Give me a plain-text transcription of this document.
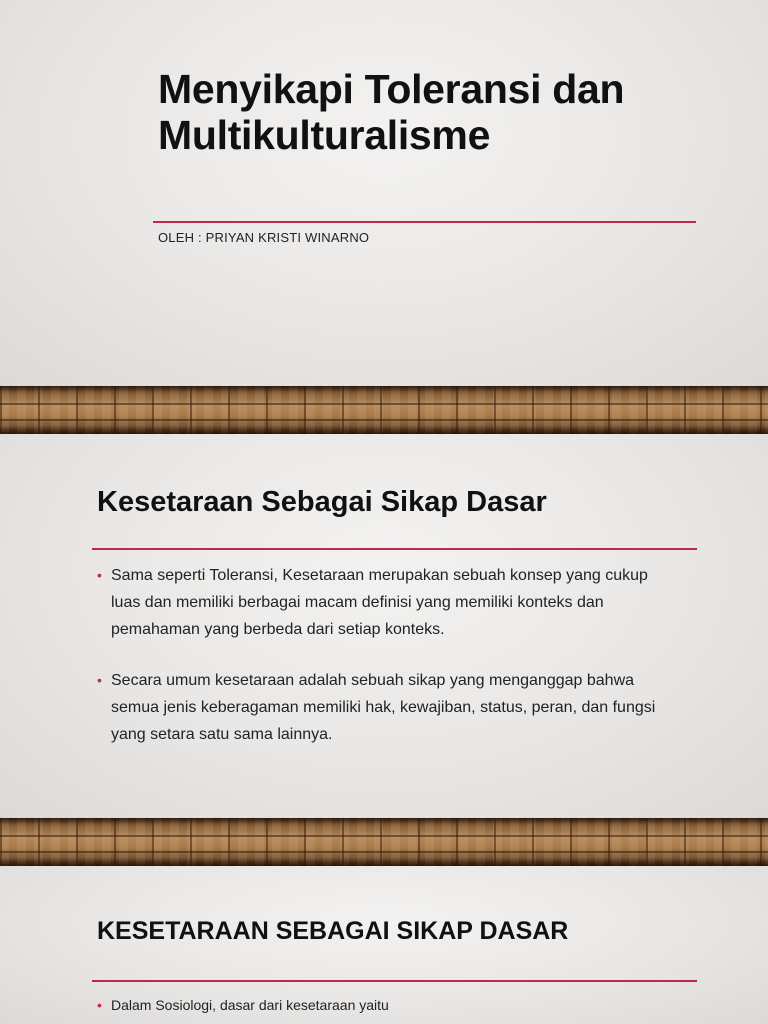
Menyikapi Toleransi dan
Multikulturalisme
OLEH : PRIYAN KRISTI WINARNO
Kesetaraan Sebagai Sikap Dasar
• Sama seperti Toleransi, Kesetaraan merupakan sebuah konsep yang cukup
luas dan memiliki berbagai macam definisi yang memiliki konteks dan
pemahaman yang berbeda dari setiap konteks.
• Secara umum kesetaraan adalah sebuah sikap yang menganggap bahwa
semua jenis keberagaman memiliki hak, kewajiban, status, peran, dan fungsi
yang setara satu sama lainnya.
KESETARAAN SEBAGAI SIKAP DASAR
• Dalam Sosiologi, dasar dari kesetaraan yaitu
